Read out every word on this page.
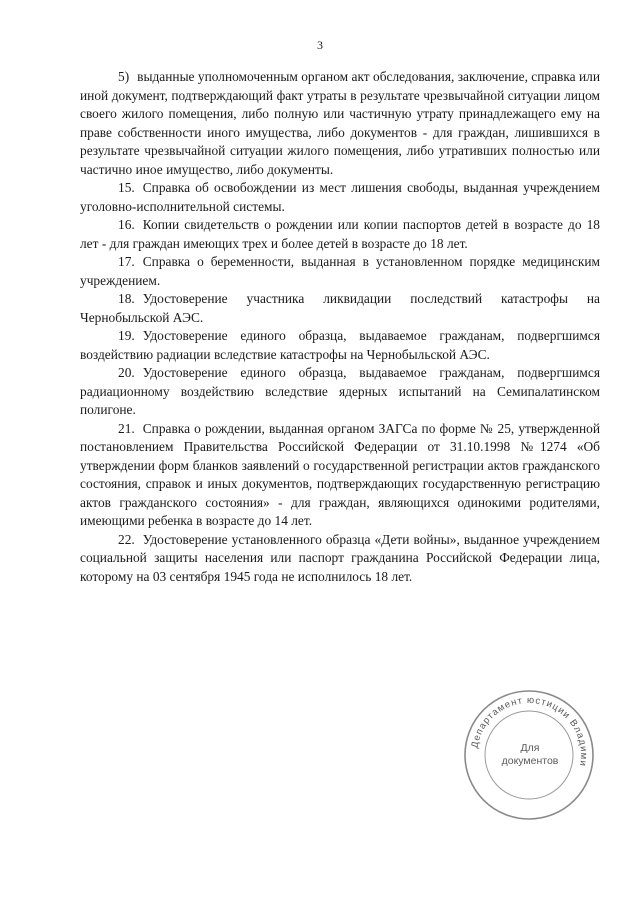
3

5) выданные уполномоченным органом акт обследования, заключение, справка или иной документ, подтверждающий факт утраты в результате чрезвычайной ситуации лицом своего жилого помещения, либо полную или частичную утрату принадлежащего ему на праве собственности иного имущества, либо документов - для граждан, лишившихся в результате чрезвычайной ситуации жилого помещения, либо утративших полностью или частично иное имущество, либо документы.

15. Справка об освобождении из мест лишения свободы, выданная учреждением уголовно-исполнительной системы.

16. Копии свидетельств о рождении или копии паспортов детей в возрасте до 18 лет - для граждан имеющих трех и более детей в возрасте до 18 лет.

17. Справка о беременности, выданная в установленном порядке медицинским учреждением.

18. Удостоверение участника ликвидации последствий катастрофы на Чернобыльской АЭС.

19. Удостоверение единого образца, выдаваемое гражданам, подвергшимся воздействию радиации вследствие катастрофы на Чернобыльской АЭС.

20. Удостоверение единого образца, выдаваемое гражданам, подвергшимся радиационному воздействию вследствие ядерных испытаний на Семипалатинском полигоне.

21. Справка о рождении, выданная органом ЗАГСа по форме № 25, утвержденной постановлением Правительства Российской Федерации от 31.10.1998 №1274 «Об утверждении форм бланков заявлений о государственной регистрации актов гражданского состояния, справок и иных документов, подтверждающих государственную регистрацию актов гражданского состояния» - для граждан, являющихся одинокими родителями, имеющими ребенка в возрасте до 14 лет.

22. Удостоверение установленного образца «Дети войны», выданное учреждением социальной защиты населения или паспорт гражданина Российской Федерации лица, которому на 03 сентября 1945 года не исполнилось 18 лет.

Департамент юстиции Владими
Для
документов
